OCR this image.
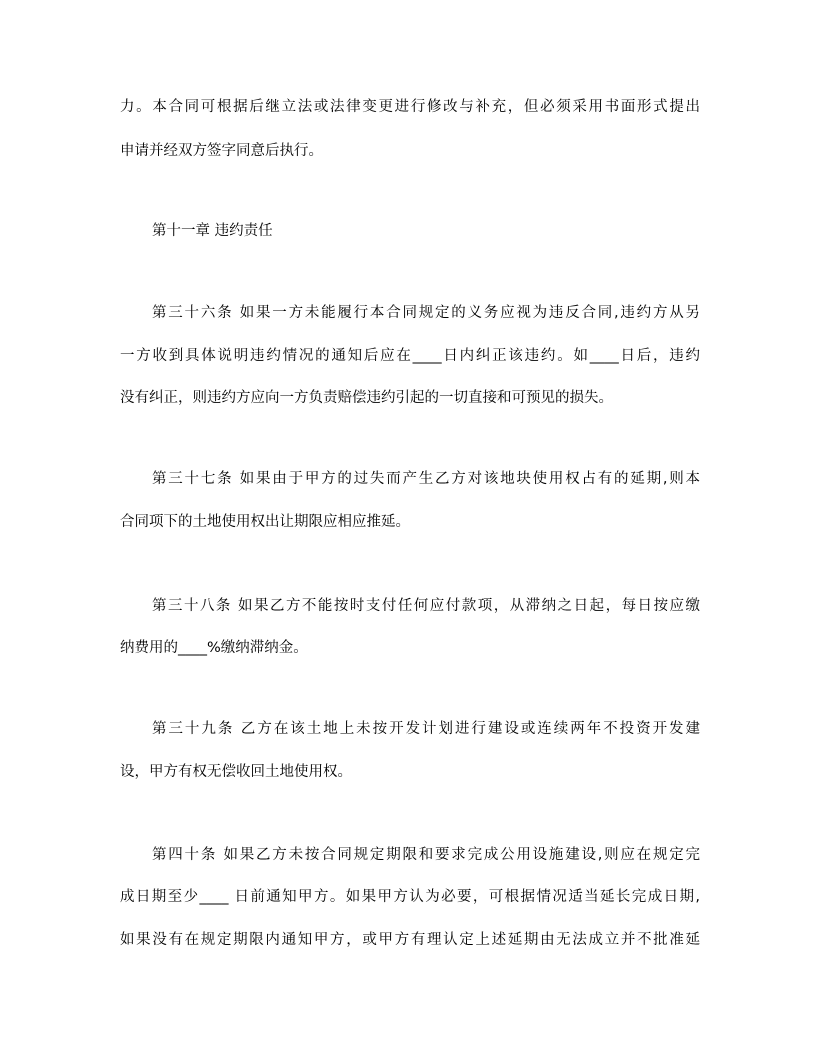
力。本合同可根据后继立法或法律变更进行修改与补充，但必须采用书面形式提出
申请并经双方签字同意后执行。
第十一章 违约责任
第三十六条 如果一方未能履行本合同规定的义务应视为违反合同,违约方从另
一方收到具体说明违约情况的通知后应在____日内纠正该违约。如____日后，违约
没有纠正，则违约方应向一方负责赔偿违约引起的一切直接和可预见的损失。
第三十七条 如果由于甲方的过失而产生乙方对该地块使用权占有的延期,则本
合同项下的土地使用权出让期限应相应推延。
第三十八条 如果乙方不能按时支付任何应付款项，从滞纳之日起，每日按应缴
纳费用的____%缴纳滞纳金。
第三十九条 乙方在该土地上未按开发计划进行建设或连续两年不投资开发建
设，甲方有权无偿收回土地使用权。
第四十条 如果乙方未按合同规定期限和要求完成公用设施建设,则应在规定完
成日期至少____ 日前通知甲方。如果甲方认为必要，可根据情况适当延长完成日期,
如果没有在规定期限内通知甲方，或甲方有理认定上述延期由无法成立并不批准延
